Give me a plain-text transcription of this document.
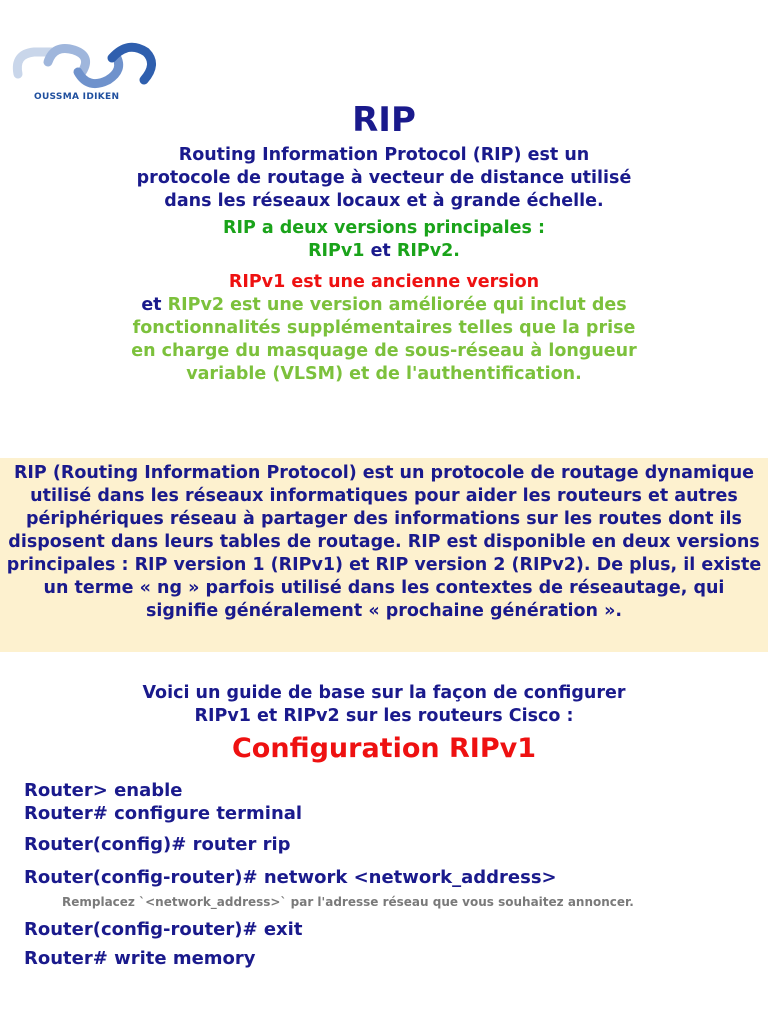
OUSSMA IDIKEN
RIP

Routing Information Protocol (RIP) est un protocole de routage à vecteur de distance utilisé dans les réseaux locaux et à grande échelle.

RIP a deux versions principales :

RIPv1 et RIPv2.

RIPv1 est une ancienne version

et RIPv2 est une version améliorée qui inclut des fonctionnalités supplémentaires telles que la prise en charge du masquage de sous-réseau à longueur variable (VLSM) et de l'authentification.

RIP (Routing Information Protocol) est un protocole de routage dynamique utilisé dans les réseaux informatiques pour aider les routeurs et autres périphériques réseau à partager des informations sur les routes dont ils disposent dans leurs tables de routage. RIP est disponible en deux versions principales : RIP version 1 (RIPv1) et RIP version 2 (RIPv2). De plus, il existe un terme « ng » parfois utilisé dans les contextes de réseautage, qui signifie généralement « prochaine génération ».
Voici un guide de base sur la façon de configurer
RIPv1 et RIPv2 sur les routeurs Cisco :
Configuration RIPv1
Router> enable
Router# configure terminal
Router(config)# router rip
Router(config-router)# network <network_address>
Remplacez `<network_address>` par l'adresse réseau que vous souhaitez annoncer.
Router(config-router)# exit
Router# write memory
